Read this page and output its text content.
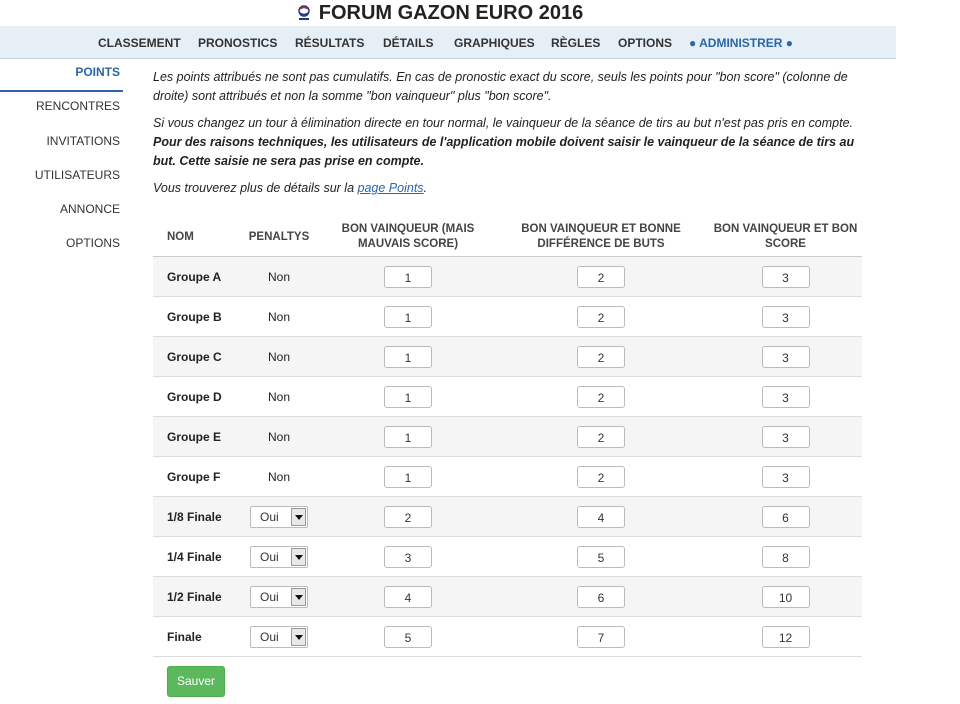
FORUM GAZON EURO 2016
CLASSEMENT PRONOSTICS RÉSULTATS DÉTAILS GRAPHIQUES RÈGLES OPTIONS ● ADMINISTRER ●
POINTS
RENCONTRES
INVITATIONS
UTILISATEURS
ANNONCE
OPTIONS

Les points attribués ne sont pas cumulatifs. En cas de pronostic exact du score, seuls les points pour "bon score" (colonne de droite) sont attribués et non la somme "bon vainqueur" plus "bon score".

Si vous changez un tour à élimination directe en tour normal, le vainqueur de la séance de tirs au but n'est pas pris en compte. Pour des raisons techniques, les utilisateurs de l'application mobile doivent saisir le vainqueur de la séance de tirs au but. Cette saisie ne sera pas prise en compte.

Vous trouverez plus de détails sur la page Points.

NOM	PENALTYS	BON VAINQUEUR (MAIS MAUVAIS SCORE)	BON VAINQUEUR ET BONNE DIFFÉRENCE DE BUTS	BON VAINQUEUR ET BON SCORE
Groupe A	Non	1	2	3
Groupe B	Non	1	2	3
Groupe C	Non	1	2	3
Groupe D	Non	1	2	3
Groupe E	Non	1	2	3
Groupe F	Non	1	2	3
1/8 Finale	Oui	2	4	6
1/4 Finale	Oui	3	5	8
1/2 Finale	Oui	4	6	10
Finale	Oui	5	7	12
Sauver
